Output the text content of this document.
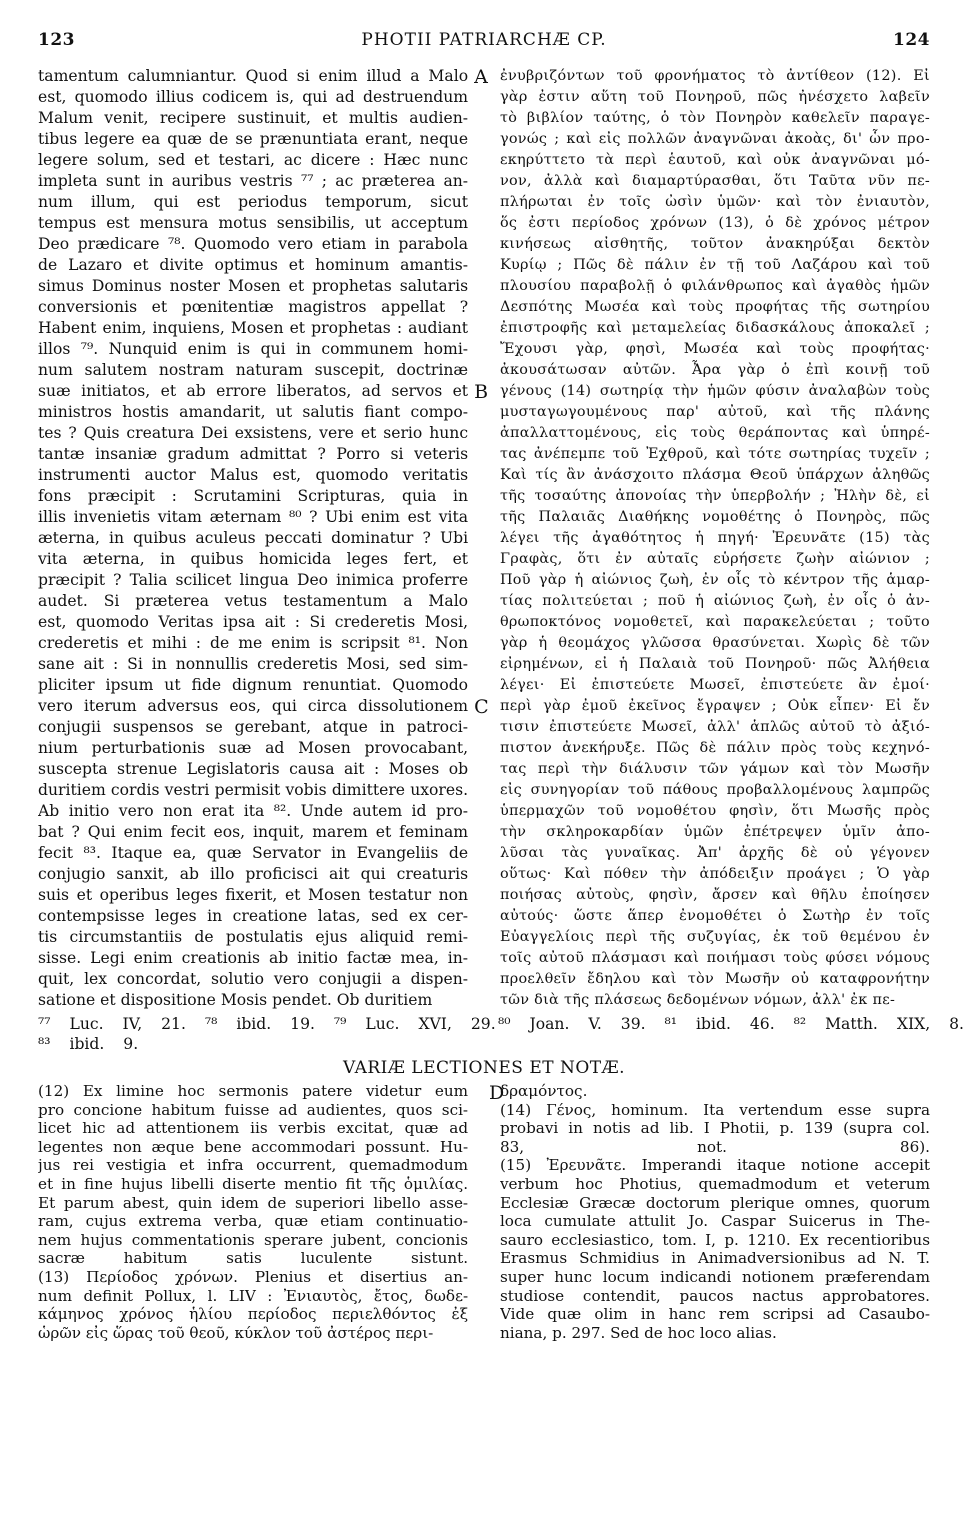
123	PHOTII PATRIARCHÆ CP.	124
tamentum calumniantur. Quod si enim illud a Malo
est, quomodo illius codicem is, qui ad destruendum
Malum venit, recipere sustinuit, et multis audien-
tibus legere ea quæ de se prænuntiata erant, neque
legere solum, sed et testari, ac dicere : Hæc nunc
impleta sunt in auribus vestris ⁷⁷ ; ac præterea an-
num illum, qui est periodus temporum, sicut
tempus est mensura motus sensibilis, ut acceptum
Deo prædicare ⁷⁸. Quomodo vero etiam in parabola
de Lazaro et divite optimus et hominum amantis-
simus Dominus noster Mosen et prophetas salutaris
conversionis et pœnitentiæ magistros appellat ?
Habent enim, inquiens, Mosen et prophetas : audiant
illos ⁷⁹. Nunquid enim is qui in communem homi-
num salutem nostram naturam suscepit, doctrinæ
suæ initiatos, et ab errore liberatos, ad servos et
ministros hostis amandarit, ut salutis fiant compo-
tes ? Quis creatura Dei exsistens, vere et serio hunc
tantæ insaniæ gradum admittat ? Porro si veteris
instrumenti auctor Malus est, quomodo veritatis
fons præcipit : Scrutamini Scripturas, quia in
illis invenietis vitam æternam ⁸⁰ ? Ubi enim est vita
æterna, in quibus aculeus peccati dominatur ? Ubi
vita æterna, in quibus homicida leges fert, et
præcipit ? Talia scilicet lingua Deo inimica proferre
audet. Si præterea vetus testamentum a Malo
est, quomodo Veritas ipsa ait : Si crederetis Mosi,
crederetis et mihi : de me enim is scripsit ⁸¹. Non
sane ait : Si in nonnullis crederetis Mosi, sed sim-
pliciter ipsum ut fide dignum renuntiat. Quomodo
vero iterum adversus eos, qui circa dissolutionem
conjugii suspensos se gerebant, atque in patroci-
nium perturbationis suæ ad Mosen provocabant,
suscepta strenue Legislatoris causa ait : Moses ob
duritiem cordis vestri permisit vobis dimittere uxores.
Ab initio vero non erat ita ⁸². Unde autem id pro-
bat ? Qui enim fecit eos, inquit, marem et feminam
fecit ⁸³. Itaque ea, quæ Servator in Evangeliis de
conjugio sanxit, ab illo proficisci ait qui creaturis
suis et operibus leges fixerit, et Mosen testatur non
contempsisse leges in creatione latas, sed ex cer-
tis circumstantiis de postulatis ejus aliquid remi-
sisse. Legi enim creationis ab initio factæ mea, in-
quit, lex concordat, solutio vero conjugii a dispen-
satione et dispositione Mosis pendet. Ob duritiem
A
B
C
ἐνυβριζόντων τοῦ φρονήματος τὸ ἀντίθεον (12). Εἰ
γὰρ ἐστιν αὕτη τοῦ Πονηροῦ, πῶς ἠνέσχετο λαβεῖν
τὸ βιβλίον ταύτης, ὁ τὸν Πονηρὸν καθελεῖν παραγε-
γονώς ; καὶ εἰς πολλῶν ἀναγνῶναι ἀκοὰς, δι' ὧν προ-
εκηρύττετο τὰ περὶ ἑαυτοῦ, καὶ οὐκ ἀναγνῶναι μό-
νον, ἀλλὰ καὶ διαμαρτύρασθαι, ὅτι Ταῦτα νῦν πε-
πλήρωται ἐν τοῖς ὠσὶν ὑμῶν· καὶ τὸν ἐνιαυτὸν,
ὅς ἐστι περίοδος χρόνων (13), ὁ δὲ χρόνος μέτρον
κινήσεως αἰσθητῆς, τοῦτον ἀνακηρύξαι δεκτὸν
Κυρίῳ ; Πῶς δὲ πάλιν ἐν τῇ τοῦ Λαζάρου καὶ τοῦ
πλουσίου παραβολῇ ὁ φιλάνθρωπος καὶ ἀγαθὸς ἡμῶν
Δεσπότης Μωσέα καὶ τοὺς προφήτας τῆς σωτηρίου
ἐπιστροφῆς καὶ μεταμελείας διδασκάλους ἀποκαλεῖ ;
Ἔχουσι γὰρ, φησὶ, Μωσέα καὶ τοὺς προφήτας·
ἀκουσάτωσαν αὐτῶν. Ἆρα γὰρ ὁ ἐπὶ κοινῇ τοῦ
γένους (14) σωτηρίᾳ τὴν ἡμῶν φύσιν ἀναλαβὼν τοὺς
μυσταγωγουμένους παρ' αὐτοῦ, καὶ τῆς πλάνης
ἀπαλλαττομένους, εἰς τοὺς θεράποντας καὶ ὑπηρέ-
τας ἀνέπεμπε τοῦ Ἐχθροῦ, καὶ τότε σωτηρίας τυχεῖν ;
Καὶ τίς ἂν ἀνάσχοιτο πλάσμα Θεοῦ ὑπάρχων ἀληθῶς
τῆς τοσαύτης ἀπονοίας τὴν ὑπερβολήν ; Ἠλὴν δὲ, εἰ
τῆς Παλαιᾶς Διαθήκης νομοθέτης ὁ Πονηρὸς, πῶς
λέγει τῆς ἀγαθότητος ἡ πηγή· Ἐρευνᾶτε (15) τὰς
Γραφὰς, ὅτι ἐν αὐταῖς εὑρήσετε ζωὴν αἰώνιον ;
Ποῦ γὰρ ἡ αἰώνιος ζωὴ, ἐν οἷς τὸ κέντρον τῆς ἁμαρ-
τίας πολιτεύεται ; ποῦ ἡ αἰώνιος ζωὴ, ἐν οἷς ὁ ἀν-
θρωποκτόνος νομοθετεῖ, καὶ παρακελεύεται ; τοῦτο
γὰρ ἡ θεομάχος γλῶσσα θρασύνεται. Χωρὶς δὲ τῶν
εἰρημένων, εἰ ἡ Παλαιὰ τοῦ Πονηροῦ· πῶς Ἀλήθεια
λέγει· Εἰ ἐπιστεύετε Μωσεῖ, ἐπιστεύετε ἂν ἐμοί·
περὶ γὰρ ἐμοῦ ἐκεῖνος ἔγραψεν ; Οὐκ εἶπεν· Εἰ ἔν
τισιν ἐπιστεύετε Μωσεῖ, ἀλλ' ἁπλῶς αὐτοῦ τὸ ἀξιό-
πιστον ἀνεκήρυξε. Πῶς δὲ πάλιν πρὸς τοὺς κεχηνό-
τας περὶ τὴν διάλυσιν τῶν γάμων καὶ τὸν Μωσῆν
εἰς συνηγορίαν τοῦ πάθους προβαλλομένους λαμπρῶς
ὑπερμαχῶν τοῦ νομοθέτου φησὶν, ὅτι Μωσῆς πρὸς
τὴν σκληροκαρδίαν ὑμῶν ἐπέτρεψεν ὑμῖν ἀπο-
λῦσαι τὰς γυναῖκας. Ἀπ' ἀρχῆς δὲ οὐ γέγονεν
οὕτως· Καὶ πόθεν τὴν ἀπόδειξιν προάγει ; Ὁ γὰρ
ποιήσας αὐτοὺς, φησὶν, ἄρσεν καὶ θῆλυ ἐποίησεν
αὐτούς· ὥστε ἅπερ ἐνομοθέτει ὁ Σωτὴρ ἐν τοῖς
Εὐαγγελίοις περὶ τῆς συζυγίας, ἐκ τοῦ θεμένου ἐν
τοῖς αὐτοῦ πλάσμασι καὶ ποιήμασι τοὺς φύσει νόμους
προελθεῖν ἔδηλου καὶ τὸν Μωσῆν οὐ καταφρονήτην
τῶν διὰ τῆς πλάσεως δεδομένων νόμων, ἀλλ' ἐκ πε-
⁷⁷ Luc. IV, 21. ⁷⁸ ibid. 19. ⁷⁹ Luc. XVI, 29.
⁸³ ibid. 9.
⁸⁰ Joan. V. 39. ⁸¹ ibid. 46. ⁸² Matth. XIX, 8.
VARIÆ LECTIONES ET NOTÆ.
(12) Ex limine hoc sermonis patere videtur eum
pro concione habitum fuisse ad audientes, quos sci-
licet hic ad attentionem iis verbis excitat, quæ ad
legentes non æque bene accommodari possunt. Hu-
jus rei vestigia et infra occurrent, quemadmodum
et in fine hujus libelli diserte mentio fit τῆς ὁμιλίας.
Et parum abest, quin idem de superiori libello asse-
ram, cujus extrema verba, quæ etiam continuatio-
nem hujus commentationis sperare jubent, concionis
sacræ habitum satis luculente sistunt.
(13) Περίοδος χρόνων. Plenius et disertius an-
num definit Pollux, l. LIV : Ἐνιαυτὸς, ἔτος, δωδε-
κάμηνος χρόνος ἡλίου περίοδος περιελθόντος ἐξ
ὡρῶν εἰς ὥρας τοῦ θεοῦ, κύκλον τοῦ ἀστέρος περι-
δραμόντος.
(14) Γένος, hominum. Ita vertendum esse supra
probavi in notis ad lib. I Photii, p. 139 (supra col.
83, not. 86).
(15) Ἐρευνᾶτε. Imperandi itaque notione accepit
verbum hoc Photius, quemadmodum et veterum
Ecclesiæ Græcæ doctorum plerique omnes, quorum
loca cumulate attulit Jo. Caspar Suicerus in The-
sauro ecclesiastico, tom. I, p. 1210. Ex recentioribus
Erasmus Schmidius in Animadversionibus ad N. T.
super hunc locum indicandi notionem præferendam
studiose contendit, paucos nactus approbatores.
Vide quæ olim in hanc rem scripsi ad Casaubo-
niana, p. 297. Sed de hoc loco alias.
D
